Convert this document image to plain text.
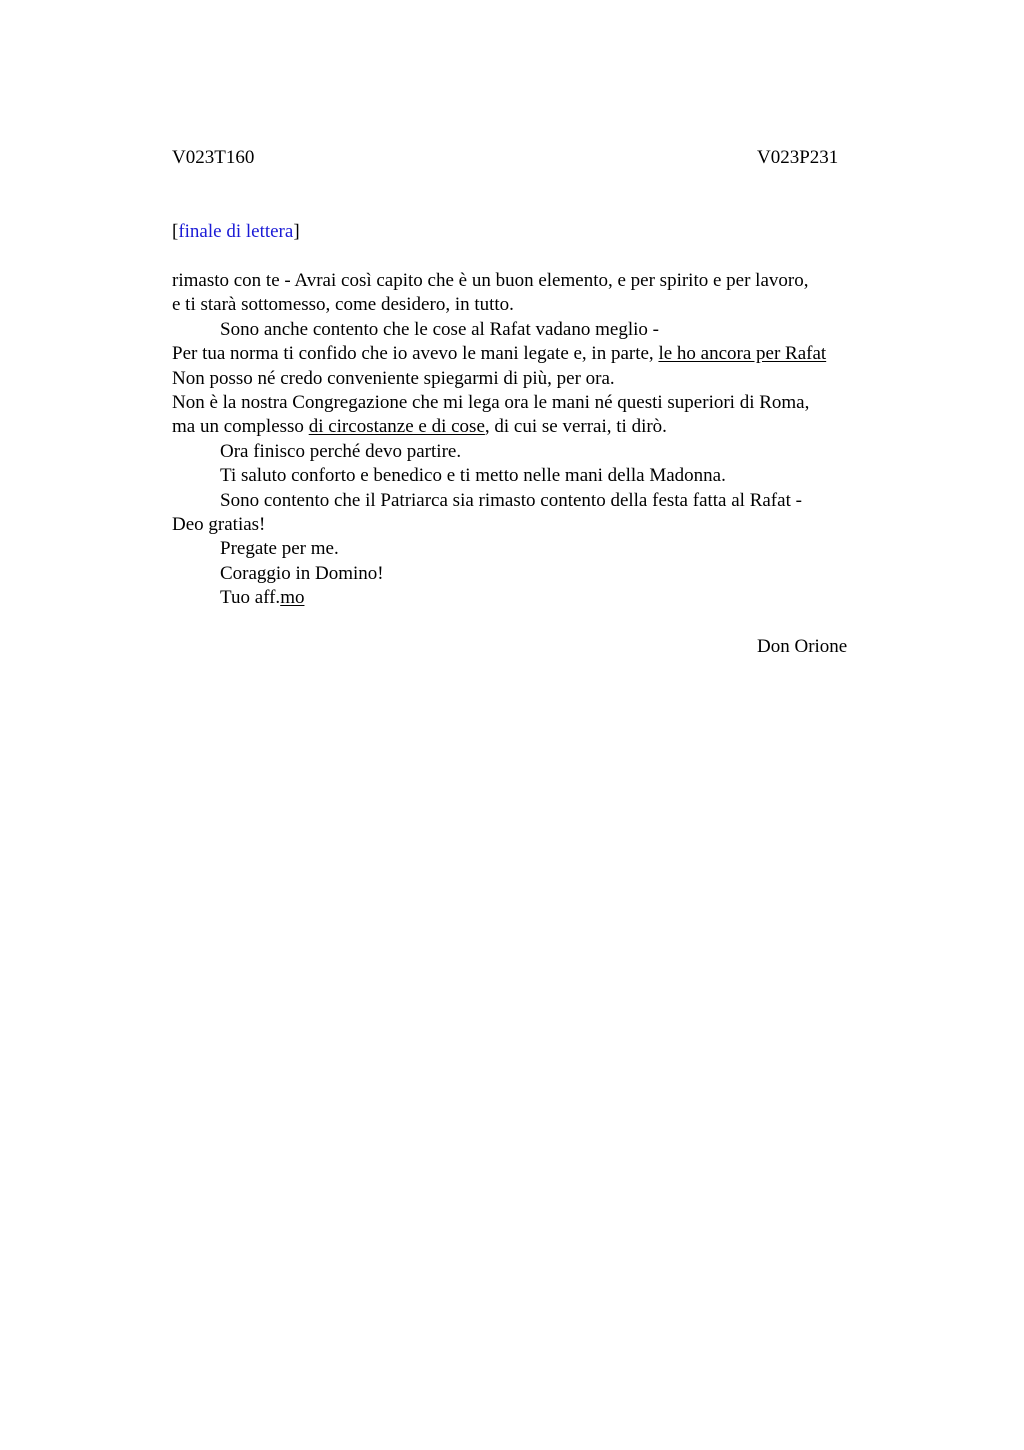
V023T160	V023P231
[finale di lettera]
rimasto con te - Avrai così capito che è un buon elemento, e per spirito e per lavoro,
e ti starà sottomesso, come desidero, in tutto.
Sono anche contento che le cose al Rafat vadano meglio -
Per tua norma ti confido che io avevo le mani legate e, in parte, le ho ancora per Rafat
Non posso né credo conveniente spiegarmi di più, per ora.
Non è la nostra Congregazione che mi lega ora le mani né questi superiori di Roma,
ma un complesso di circostanze e di cose, di cui se verrai, ti dirò.
Ora finisco perché devo partire.
Ti saluto conforto e benedico e ti metto nelle mani della Madonna.
Sono contento che il Patriarca sia rimasto contento della festa fatta al Rafat -
Deo gratias!
Pregate per me.
Coraggio in Domino!
Tuo aff.mo
Don Orione
